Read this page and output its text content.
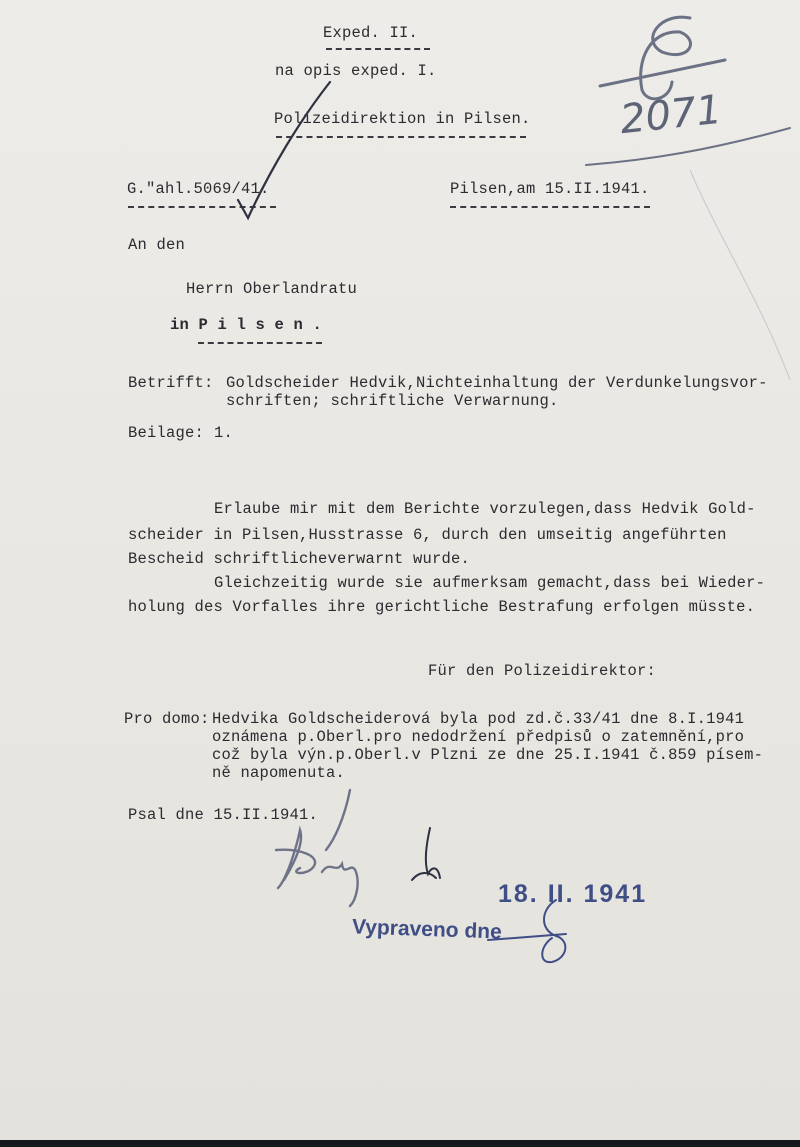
Exped. II.
na opis exped. I.
Polizeidirektion in Pilsen. 2071
G."ahl.5069/41.	Pilsen,am 15.II.1941.
An den
Herrn Oberlandratu
in P i l s e n .
Betrifft: Goldscheider Hedvik,Nichteinhaltung der Verdunkelungsvor-
schriften; schriftliche Verwarnung.
Beilage: 1.
Erlaube mir mit dem Berichte vorzulegen,dass Hedvik Gold-
scheider in Pilsen,Husstrasse 6, durch den umseitig angeführten
Bescheid schriftlicheverwarnt wurde.
Gleichzeitig wurde sie aufmerksam gemacht,dass bei Wieder-
holung des Vorfalles ihre gerichtliche Bestrafung erfolgen müsste.
Für den Polizeidirektor:
Pro domo: Hedvika Goldscheiderová byla pod zd.č.33/41 dne 8.I.1941
oznámena p.Oberl.pro nedodržení předpisů o zatemnění,pro
což byla výn.p.Oberl.v Plzni ze dne 25.I.1941 č.859 písem-
ně napomenuta.
Psal dne 15.II.1941.
Vypraveno dne
18. II. 1941
